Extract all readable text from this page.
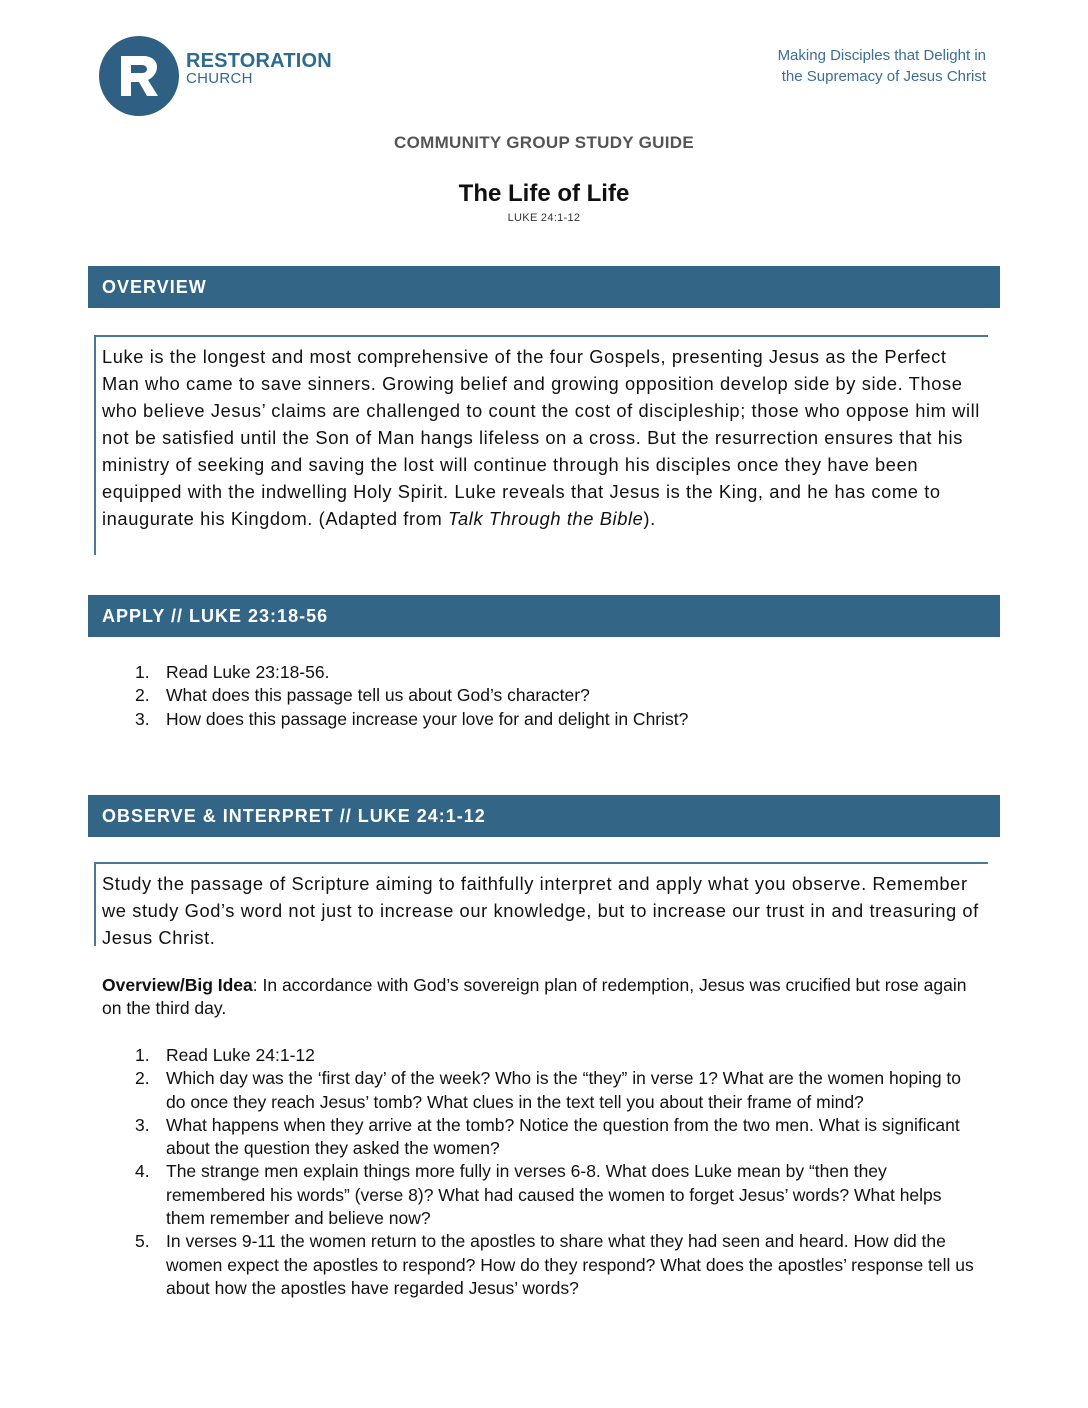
RESTORATION
CHURCH
Making Disciples that Delight in
the Supremacy of Jesus Christ
COMMUNITY GROUP STUDY GUIDE
The Life of Life
LUKE 24:1-12
OVERVIEW
Luke is the longest and most comprehensive of the four Gospels, presenting Jesus as the Perfect Man who came to save sinners. Growing belief and growing opposition develop side by side. Those who believe Jesus’ claims are challenged to count the cost of discipleship; those who oppose him will not be satisfied until the Son of Man hangs lifeless on a cross. But the resurrection ensures that his ministry of seeking and saving the lost will continue through his disciples once they have been equipped with the indwelling Holy Spirit. Luke reveals that Jesus is the King, and he has come to inaugurate his Kingdom. (Adapted from Talk Through the Bible).
APPLY // LUKE 23:18-56
1. Read Luke 23:18-56.
2. What does this passage tell us about God’s character?
3. How does this passage increase your love for and delight in Christ?
OBSERVE & INTERPRET // LUKE 24:1-12
Study the passage of Scripture aiming to faithfully interpret and apply what you observe. Remember we study God’s word not just to increase our knowledge, but to increase our trust in and treasuring of Jesus Christ.
Overview/Big Idea: In accordance with God’s sovereign plan of redemption, Jesus was crucified but rose again on the third day.
1. Read Luke 24:1-12
2. Which day was the ‘first day’ of the week? Who is the “they” in verse 1? What are the women hoping to do once they reach Jesus’ tomb? What clues in the text tell you about their frame of mind?
3. What happens when they arrive at the tomb? Notice the question from the two men. What is significant about the question they asked the women?
4. The strange men explain things more fully in verses 6-8. What does Luke mean by “then they remembered his words” (verse 8)? What had caused the women to forget Jesus’ words? What helps them remember and believe now?
5. In verses 9-11 the women return to the apostles to share what they had seen and heard. How did the women expect the apostles to respond? How do they respond? What does the apostles’ response tell us about how the apostles have regarded Jesus’ words?
